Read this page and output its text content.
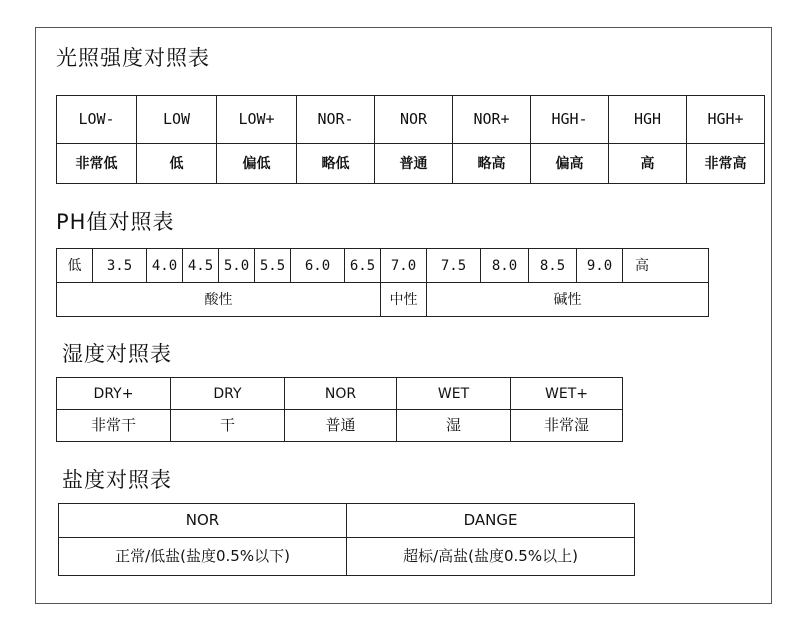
光照强度对照表
LOW-	LOW	LOW+	NOR-	NOR	NOR+	HGH-	HGH	HGH+
非常低	低	偏低	略低	普通	略高	偏高	高	非常高
PH值对照表
低	3.5	4.0	4.5	5.0	5.5	6.0	6.5	7.0	7.5	8.0	8.5	9.0	高
酸性								中性	碱性				
湿度对照表
DRY+	DRY	NOR	WET	WET+
非常干	干	普通	湿	非常湿
盐度对照表
NOR	DANGE
正常/低盐(盐度0.5%以下)	超标/高盐(盐度0.5%以上)
